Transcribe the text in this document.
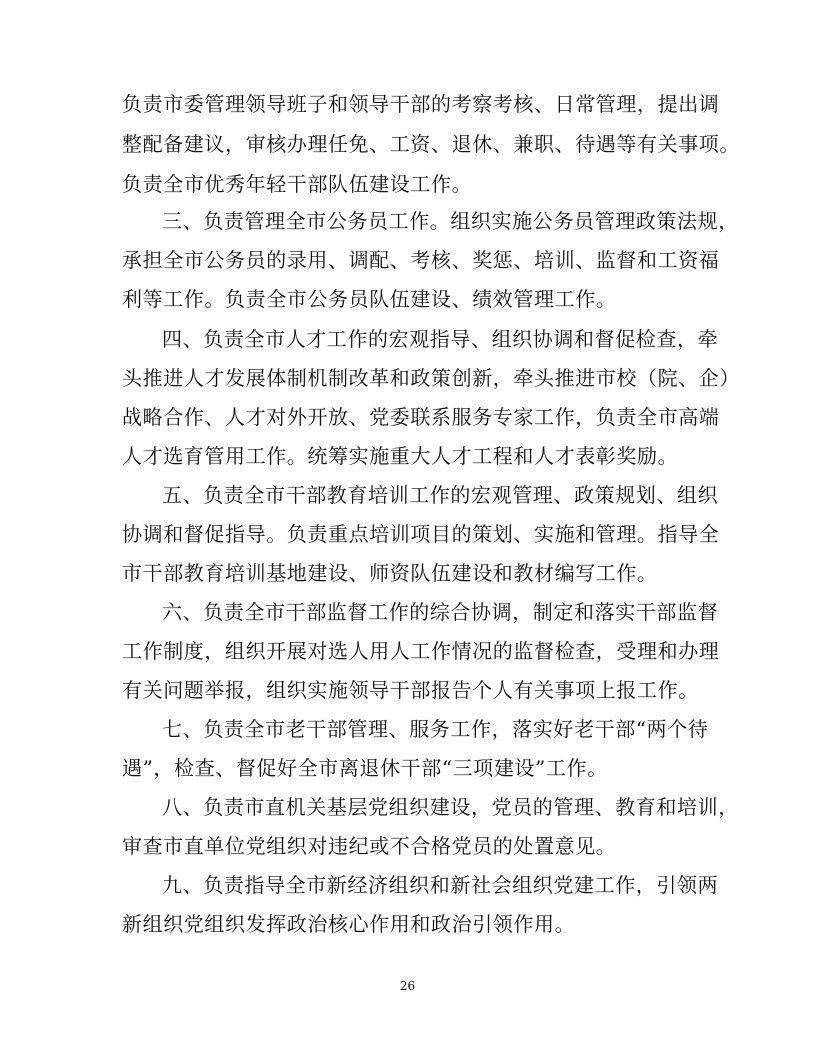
负责市委管理领导班子和领导干部的考察考核、日常管理，提出调
整配备建议，审核办理任免、工资、退休、兼职、待遇等有关事项。
负责全市优秀年轻干部队伍建设工作。
三、负责管理全市公务员工作。组织实施公务员管理政策法规，
承担全市公务员的录用、调配、考核、奖惩、培训、监督和工资福
利等工作。负责全市公务员队伍建设、绩效管理工作。
四、负责全市人才工作的宏观指导、组织协调和督促检查，牵
头推进人才发展体制机制改革和政策创新，牵头推进市校（院、企）
战略合作、人才对外开放、党委联系服务专家工作，负责全市高端
人才选育管用工作。统筹实施重大人才工程和人才表彰奖励。
五、负责全市干部教育培训工作的宏观管理、政策规划、组织
协调和督促指导。负责重点培训项目的策划、实施和管理。指导全
市干部教育培训基地建设、师资队伍建设和教材编写工作。
六、负责全市干部监督工作的综合协调，制定和落实干部监督
工作制度，组织开展对选人用人工作情况的监督检查，受理和办理
有关问题举报，组织实施领导干部报告个人有关事项上报工作。
七、负责全市老干部管理、服务工作，落实好老干部“两个待
遇”，检查、督促好全市离退休干部“三项建设”工作。
八、负责市直机关基层党组织建设，党员的管理、教育和培训，
审查市直单位党组织对违纪或不合格党员的处置意见。
九、负责指导全市新经济组织和新社会组织党建工作，引领两
新组织党组织发挥政治核心作用和政治引领作用。
26
